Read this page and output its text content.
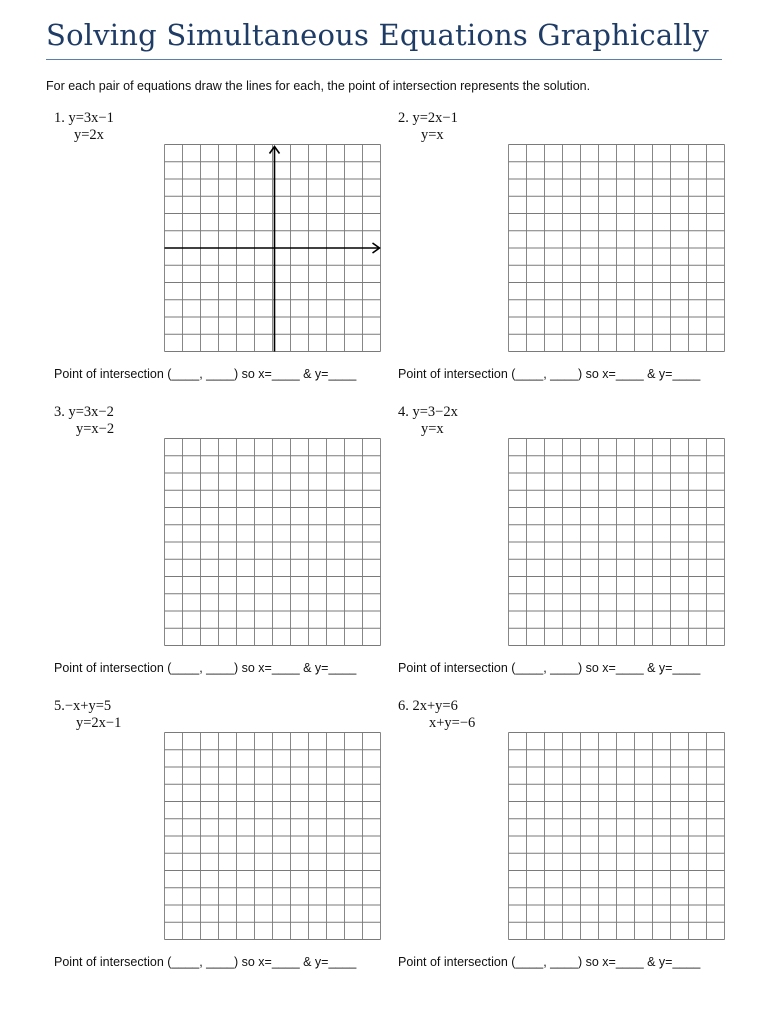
Solving Simultaneous Equations Graphically
For each pair of equations draw the lines for each, the point of intersection represents the solution.
1. y=3x−1
y=2x
Point of intersection (____, ____) so x=____ & y=____
2. y=2x−1
y=x
Point of intersection (____, ____) so x=____ & y=____
3. y=3x−2
y=x−2
Point of intersection (____, ____) so x=____ & y=____
4. y=3−2x
y=x
Point of intersection (____, ____) so x=____ & y=____
5.−x+y=5
y=2x−1
Point of intersection (____, ____) so x=____ & y=____
6. 2x+y=6
x+y=−6
Point of intersection (____, ____) so x=____ & y=____
